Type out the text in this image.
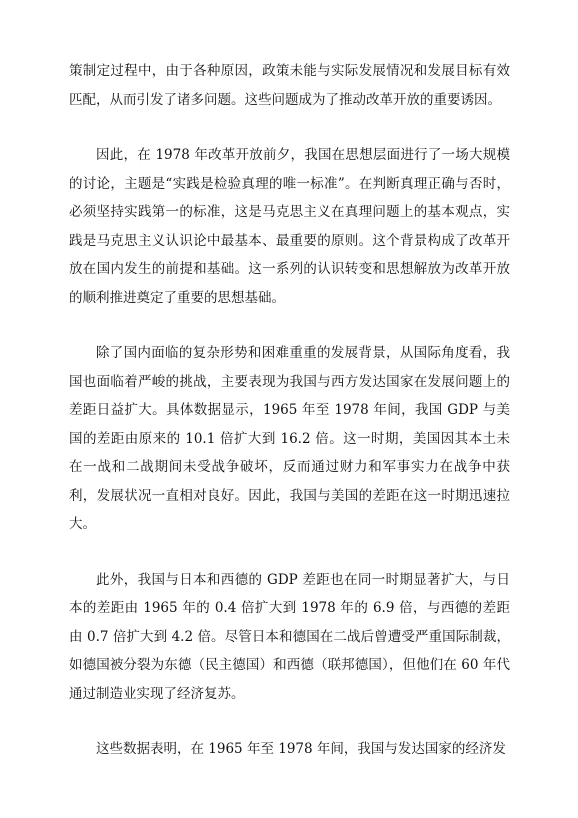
策制定过程中，由于各种原因，政策未能与实际发展情况和发展目标有效匹配，从而引发了诸多问题。这些问题成为了推动改革开放的重要诱因。

因此，在 1978 年改革开放前夕，我国在思想层面进行了一场大规模的讨论，主题是“实践是检验真理的唯一标准”。在判断真理正确与否时，必须坚持实践第一的标准，这是马克思主义在真理问题上的基本观点，实践是马克思主义认识论中最基本、最重要的原则。这个背景构成了改革开放在国内发生的前提和基础。这一系列的认识转变和思想解放为改革开放的顺利推进奠定了重要的思想基础。

除了国内面临的复杂形势和困难重重的发展背景，从国际角度看，我国也面临着严峻的挑战，主要表现为我国与西方发达国家在发展问题上的差距日益扩大。具体数据显示，1965 年至 1978 年间，我国 GDP 与美国的差距由原来的 10.1 倍扩大到 16.2 倍。这一时期，美国因其本土未在一战和二战期间未受战争破坏，反而通过财力和军事实力在战争中获利，发展状况一直相对良好。因此，我国与美国的差距在这一时期迅速拉大。

此外，我国与日本和西德的 GDP 差距也在同一时期显著扩大，与日本的差距由 1965 年的 0.4 倍扩大到 1978 年的 6.9 倍，与西德的差距由 0.7 倍扩大到 4.2 倍。尽管日本和德国在二战后曾遭受严重国际制裁，如德国被分裂为东德（民主德国）和西德（联邦德国），但他们在 60 年代通过制造业实现了经济复苏。

这些数据表明，在 1965 年至 1978 年间，我国与发达国家的经济发
